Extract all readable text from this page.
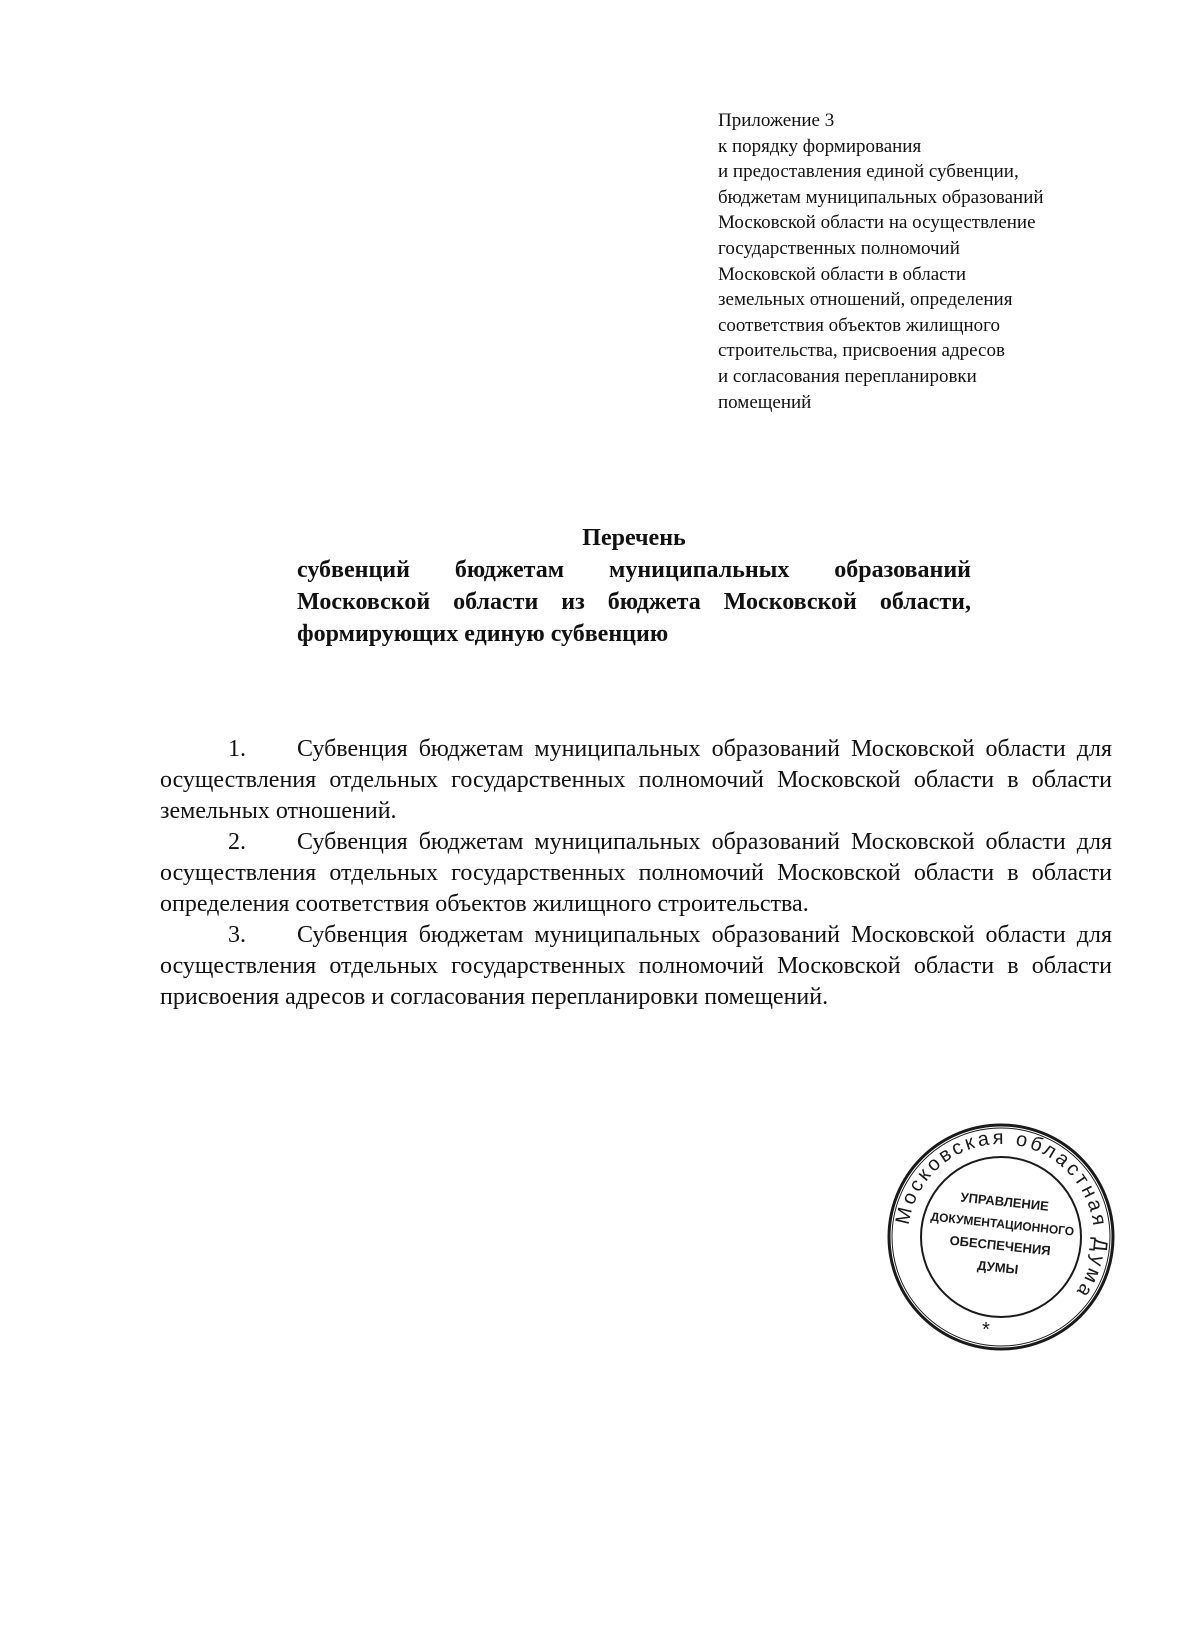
Приложение 3
к порядку формирования
и предоставления единой субвенции,
бюджетам муниципальных образований
Московской области на осуществление
государственных полномочий
Московской области в области
земельных отношений, определения
соответствия объектов жилищного
строительства, присвоения адресов
и согласования перепланировки
помещений
Перечень
субвенций бюджетам муниципальных образований Московской области из бюджета Московской области, формирующих единую субвенцию

1. Субвенция бюджетам муниципальных образований Московской области для осуществления отдельных государственных полномочий Московской области в области земельных отношений.

2. Субвенция бюджетам муниципальных образований Московской области для осуществления отдельных государственных полномочий Московской области в области определения соответствия объектов жилищного строительства.

3. Субвенция бюджетам муниципальных образований Московской области для осуществления отдельных государственных полномочий Московской области в области присвоения адресов и согласования перепланировки помещений.

Московская областная Дума
УПРАВЛЕНИЕ
ДОКУМЕНТАЦИОННОГО
ОБЕСПЕЧЕНИЯ
ДУМЫ
*
